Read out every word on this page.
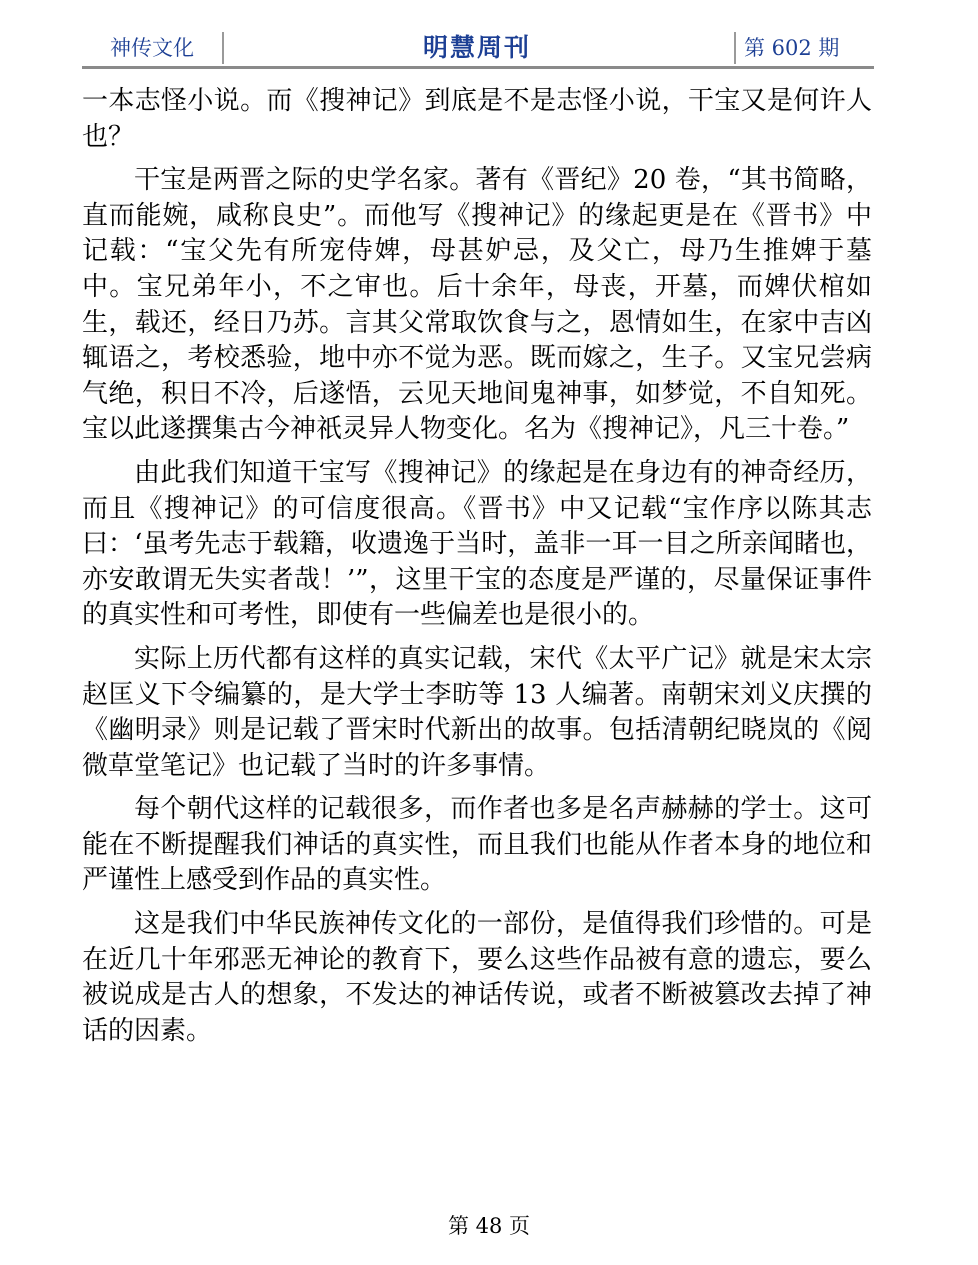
神传文化	明慧周刊	第 602 期

一本志怪小说。而《搜神记》到底是不是志怪小说，干宝又是何许人也？

干宝是两晋之际的史学名家。著有《晋纪》20 卷，“其书简略，直而能婉，咸称良史”。而他写《搜神记》的缘起更是在《晋书》中记载：“宝父先有所宠侍婢，母甚妒忌，及父亡，母乃生推婢于墓中。宝兄弟年小，不之审也。后十余年，母丧，开墓，而婢伏棺如生，载还，经日乃苏。言其父常取饮食与之，恩情如生，在家中吉凶辄语之，考校悉验，地中亦不觉为恶。既而嫁之，生子。又宝兄尝病气绝，积日不冷，后遂悟，云见天地间鬼神事，如梦觉，不自知死。宝以此遂撰集古今神祇灵异人物变化。名为《搜神记》，凡三十卷。”

由此我们知道干宝写《搜神记》的缘起是在身边有的神奇经历，而且《搜神记》的可信度很高。《晋书》中又记载“宝作序以陈其志曰：‘虽考先志于载籍，收遗逸于当时，盖非一耳一目之所亲闻睹也，亦安敢谓无失实者哉！’”，这里干宝的态度是严谨的，尽量保证事件的真实性和可考性，即使有一些偏差也是很小的。

实际上历代都有这样的真实记载，宋代《太平广记》就是宋太宗赵匡义下令编纂的，是大学士李昉等 13 人编著。南朝宋刘义庆撰的《幽明录》则是记载了晋宋时代新出的故事。包括清朝纪晓岚的《阅微草堂笔记》也记载了当时的许多事情。

每个朝代这样的记载很多，而作者也多是名声赫赫的学士。这可能在不断提醒我们神话的真实性，而且我们也能从作者本身的地位和严谨性上感受到作品的真实性。

这是我们中华民族神传文化的一部份，是值得我们珍惜的。可是在近几十年邪恶无神论的教育下，要么这些作品被有意的遗忘，要么被说成是古人的想象，不发达的神话传说，或者不断被篡改去掉了神话的因素。

第 48 页
